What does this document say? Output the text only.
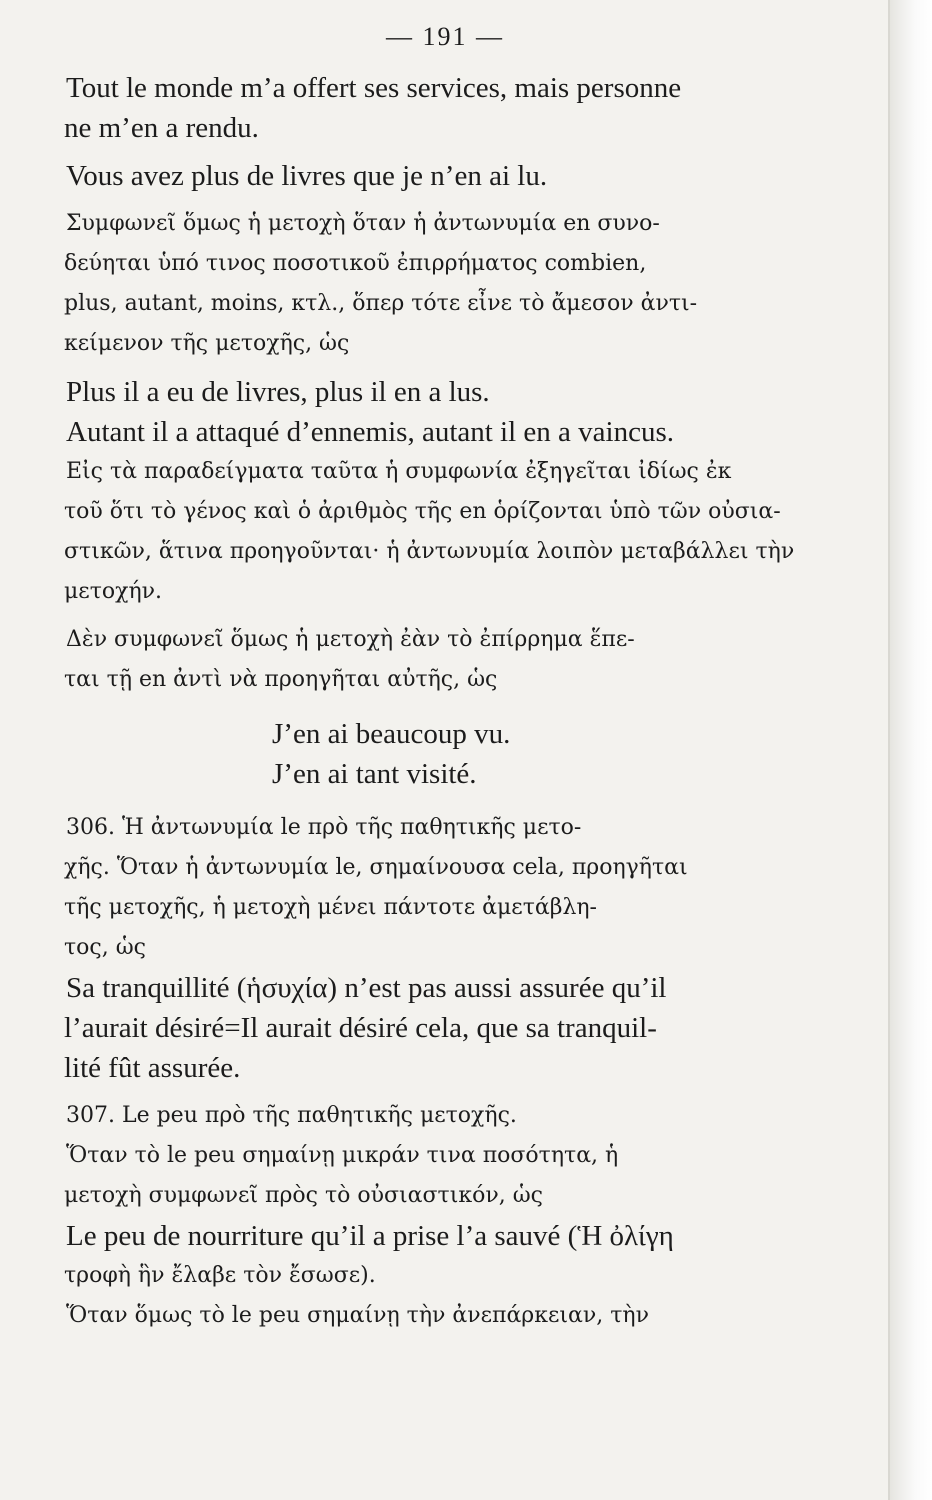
— 191 —
Tout le monde m’a offert ses services, mais personne
ne m’en a rendu.
Vous avez plus de livres que je n’en ai lu.
Συμφωνεῖ ὅμως ἡ μετοχὴ ὅταν ἡ ἀντωνυμία en συνο-
δεύηται ὑπό τινος ποσοτικοῦ ἐπιρρήματος combien,
plus, autant, moins, κτλ., ὅπερ τότε εἶνε τὸ ἄμεσον ἀντι-
κείμενον τῆς μετοχῆς, ὡς
Plus il a eu de livres, plus il en a lus.
Autant il a attaqué d’ennemis, autant il en a vaincus.
Εἰς τὰ παραδείγματα ταῦτα ἡ συμφωνία ἐξηγεῖται ἰδίως ἐκ
τοῦ ὅτι τὸ γένος καὶ ὁ ἀριθμὸς τῆς en ὁρίζονται ὑπὸ τῶν οὐσια-
στικῶν, ἅτινα προηγοῦνται· ἡ ἀντωνυμία λοιπὸν μεταβάλλει τὴν
μετοχήν.
Δὲν συμφωνεῖ ὅμως ἡ μετοχὴ ἐὰν τὸ ἐπίρρημα ἕπε-
ται τῇ en ἀντὶ νὰ προηγῆται αὐτῆς, ὡς
J’en ai beaucoup vu.
J’en ai tant visité.
306. Ἡ ἀντωνυμία le πρὸ τῆς παθητικῆς μετο-
χῆς. Ὅταν ἡ ἀντωνυμία le, σημαίνουσα cela, προηγῆται
τῆς μετοχῆς, ἡ μετοχὴ μένει πάντοτε ἀμετάβλη-
τος, ὡς
Sa tranquillité (ἡσυχία) n’est pas aussi assurée qu’il
l’aurait désiré=Il aurait désiré cela, que sa tranquil-
lité fût assurée.
307. Le peu πρὸ τῆς παθητικῆς μετοχῆς.
Ὅταν τὸ le peu σημαίνῃ μικράν τινα ποσότητα, ἡ
μετοχὴ συμφωνεῖ πρὸς τὸ οὐσιαστικόν, ὡς
Le peu de nourriture qu’il a prise l’a sauvé (Ἡ ὀλίγη
τροφὴ ἣν ἔλαβε τὸν ἔσωσε).
Ὅταν ὅμως τὸ le peu σημαίνῃ τὴν ἀνεπάρκειαν, τὴν
